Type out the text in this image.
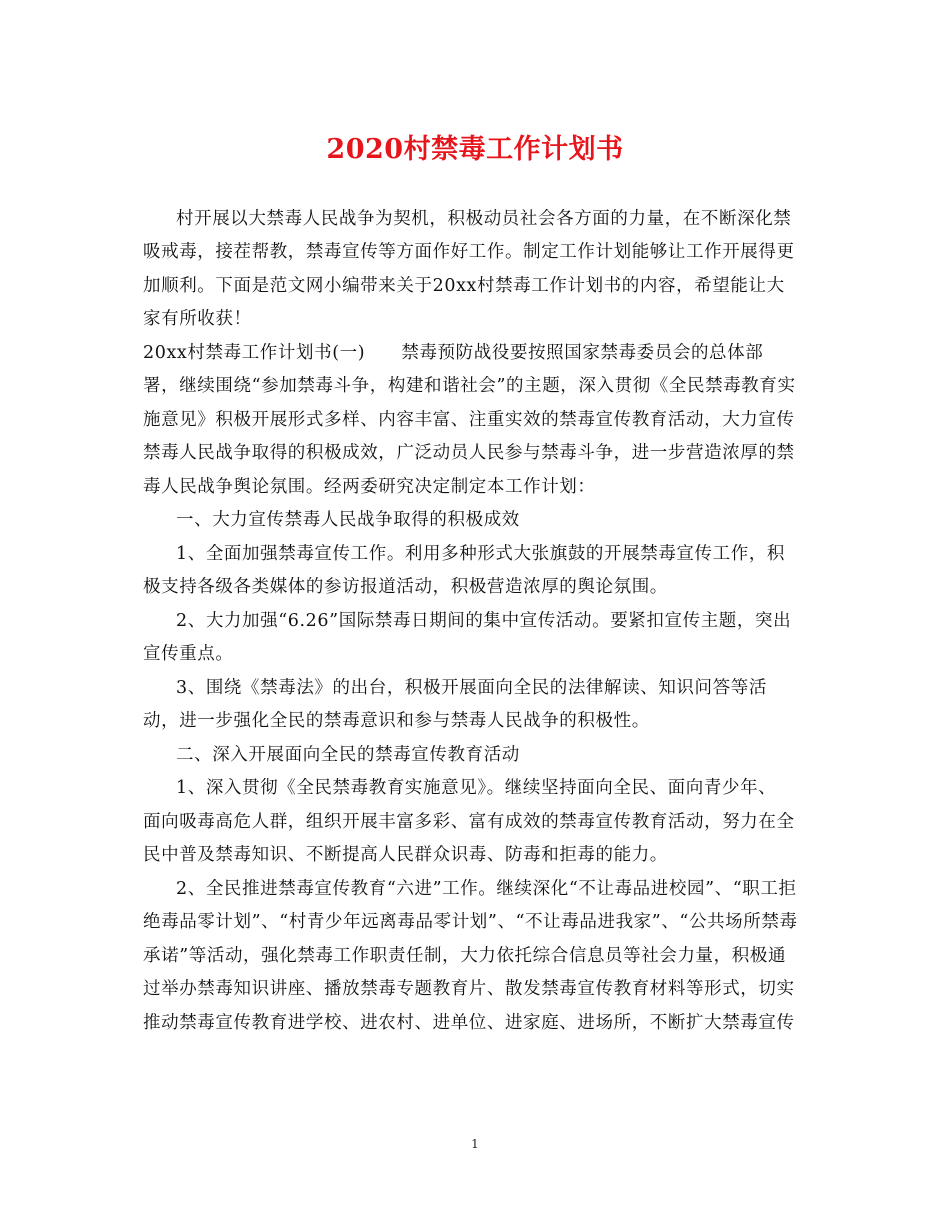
2020村禁毒工作计划书
村开展以大禁毒人民战争为契机，积极动员社会各方面的力量，在不断深化禁
吸戒毒，接茬帮教，禁毒宣传等方面作好工作。制定工作计划能够让工作开展得更
加顺利。下面是范文网小编带来关于20xx村禁毒工作计划书的内容，希望能让大
家有所收获！
20xx村禁毒工作计划书(一)　　禁毒预防战役要按照国家禁毒委员会的总体部
署，继续围绕“参加禁毒斗争，构建和谐社会”的主题，深入贯彻《全民禁毒教育实
施意见》积极开展形式多样、内容丰富、注重实效的禁毒宣传教育活动，大力宣传
禁毒人民战争取得的积极成效，广泛动员人民参与禁毒斗争，进一步营造浓厚的禁
毒人民战争舆论氛围。经两委研究决定制定本工作计划：
一、大力宣传禁毒人民战争取得的积极成效
1、全面加强禁毒宣传工作。利用多种形式大张旗鼓的开展禁毒宣传工作，积
极支持各级各类媒体的参访报道活动，积极营造浓厚的舆论氛围。
2、大力加强“6.26”国际禁毒日期间的集中宣传活动。要紧扣宣传主题，突出
宣传重点。
3、围绕《禁毒法》的出台，积极开展面向全民的法律解读、知识问答等活
动，进一步强化全民的禁毒意识和参与禁毒人民战争的积极性。
二、深入开展面向全民的禁毒宣传教育活动
1、深入贯彻《全民禁毒教育实施意见》。继续坚持面向全民、面向青少年、
面向吸毒高危人群，组织开展丰富多彩、富有成效的禁毒宣传教育活动，努力在全
民中普及禁毒知识、不断提高人民群众识毒、防毒和拒毒的能力。
2、全民推进禁毒宣传教育“六进”工作。继续深化“不让毒品进校园”、“职工拒
绝毒品零计划”、“村青少年远离毒品零计划”、“不让毒品进我家”、“公共场所禁毒
承诺”等活动，强化禁毒工作职责任制，大力依托综合信息员等社会力量，积极通
过举办禁毒知识讲座、播放禁毒专题教育片、散发禁毒宣传教育材料等形式，切实
推动禁毒宣传教育进学校、进农村、进单位、进家庭、进场所，不断扩大禁毒宣传
1
